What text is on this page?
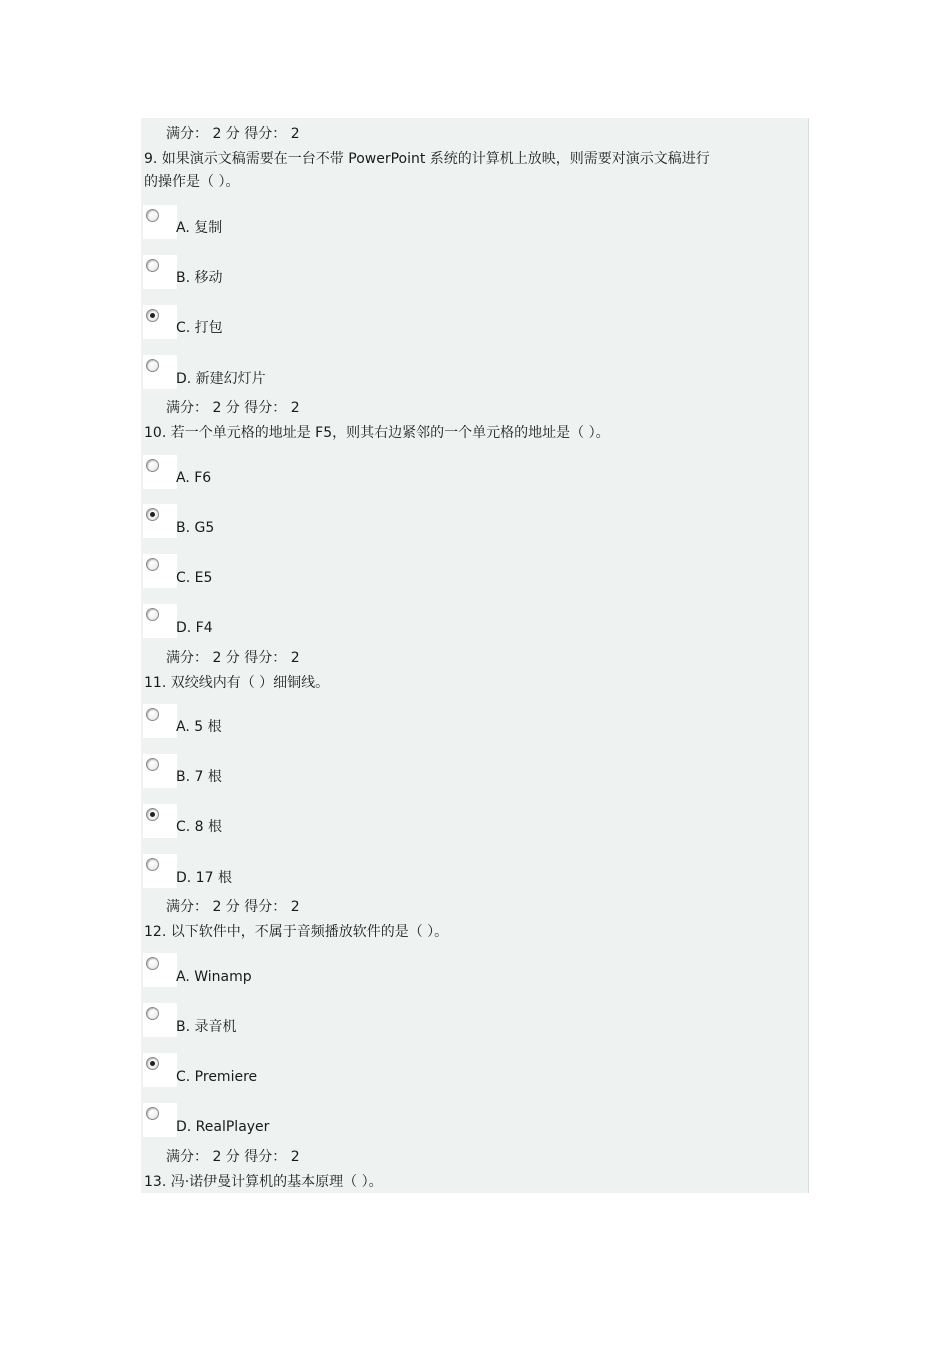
满分： 2 分 得分： 2
9. 如果演示文稿需要在一台不带 PowerPoint 系统的计算机上放映，则需要对演示文稿进行
的操作是（ ）。
A. 复制
B. 移动
C. 打包
D. 新建幻灯片
满分： 2 分 得分： 2
10. 若一个单元格的地址是 F5，则其右边紧邻的一个单元格的地址是（ ）。
A. F6
B. G5
C. E5
D. F4
满分： 2 分 得分： 2
11. 双绞线内有（ ）细铜线。
A. 5 根
B. 7 根
C. 8 根
D. 17 根
满分： 2 分 得分： 2
12. 以下软件中，不属于音频播放软件的是（ ）。
A. Winamp
B. 录音机
C. Premiere
D. RealPlayer
满分： 2 分 得分： 2
13. 冯·诺伊曼计算机的基本原理（ ）。
